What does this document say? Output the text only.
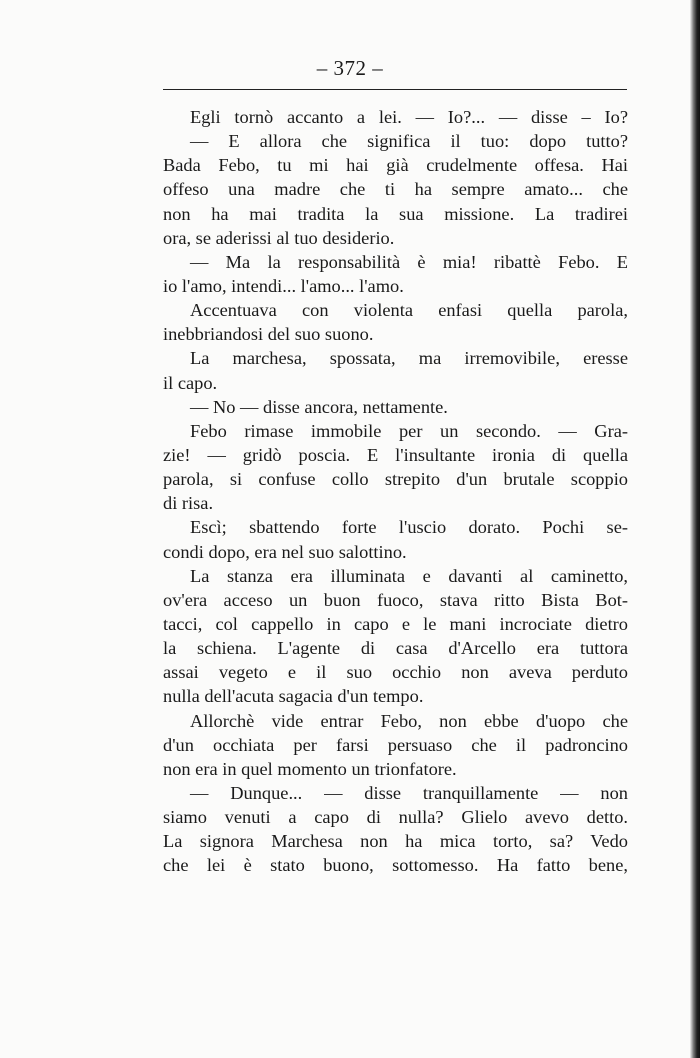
– 372 –
Egli tornò accanto a lei. — Io?... — disse – Io?
— E allora che significa il tuo: dopo tutto?
Bada Febo, tu mi hai già crudelmente offesa. Hai
offeso una madre che ti ha sempre amato... che
non ha mai tradita la sua missione. La tradirei
ora, se aderissi al tuo desiderio.
— Ma la responsabilità è mia! ribattè Febo. E
io l'amo, intendi... l'amo... l'amo.
Accentuava con violenta enfasi quella parola,
inebbriandosi del suo suono.
La marchesa, spossata, ma irremovibile, eresse
il capo.
— No — disse ancora, nettamente.
Febo rimase immobile per un secondo. — Gra-
zie! — gridò poscia. E l'insultante ironia di quella
parola, si confuse collo strepito d'un brutale scoppio
di risa.
Escì; sbattendo forte l'uscio dorato. Pochi se-
condi dopo, era nel suo salottino.
La stanza era illuminata e davanti al caminetto,
ov'era acceso un buon fuoco, stava ritto Bista Bot-
tacci, col cappello in capo e le mani incrociate dietro
la schiena. L'agente di casa d'Arcello era tuttora
assai vegeto e il suo occhio non aveva perduto
nulla dell'acuta sagacia d'un tempo.
Allorchè vide entrar Febo, non ebbe d'uopo che
d'un occhiata per farsi persuaso che il padroncino
non era in quel momento un trionfatore.
— Dunque... — disse tranquillamente — non
siamo venuti a capo di nulla? Glielo avevo detto.
La signora Marchesa non ha mica torto, sa? Vedo
che lei è stato buono, sottomesso. Ha fatto bene,
